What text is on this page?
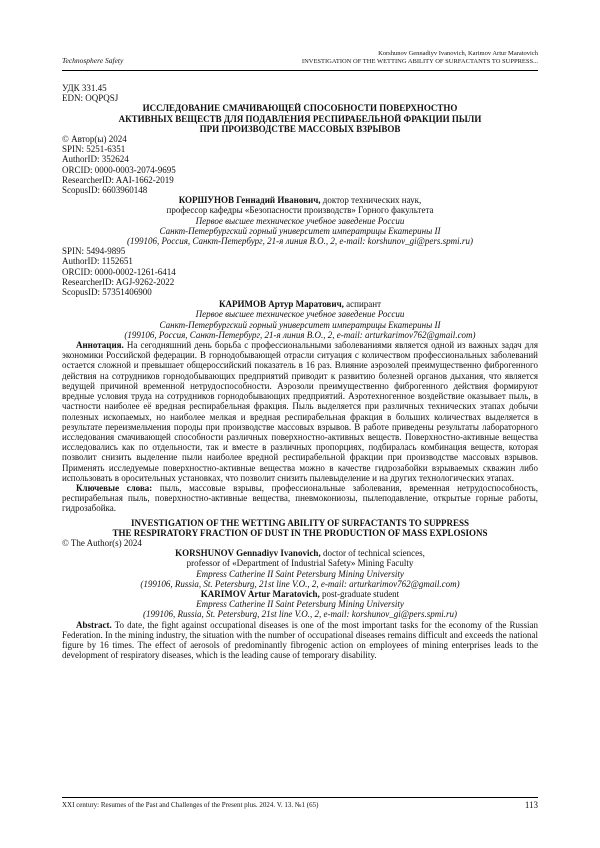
Technosphere Safety
Korshunov Gennadiyv Ivanovich, Karimov Artur Maratovich
INVESTIGATION OF THE WETTING ABILITY OF SURFACTANTS TO SUPPRESS...
УДК 331.45
EDN: OQPQSJ
ИССЛЕДОВАНИЕ СМАЧИВАЮЩЕЙ СПОСОБНОСТИ ПОВЕРХНОСТНО
АКТИВНЫХ ВЕЩЕСТВ ДЛЯ ПОДАВЛЕНИЯ РЕСПИРАБЕЛЬНОЙ ФРАКЦИИ ПЫЛИ
ПРИ ПРОИЗВОДСТВЕ МАССОВЫХ ВЗРЫВОВ
© Автор(ы) 2024
SPIN: 5251-6351
AuthorID: 352624
ORCID: 0000-0003-2074-9695
ResearcherID: AAI-1662-2019
ScopusID: 6603960148
КОРШУНОВ Геннадий Иванович, доктор технических наук,
профессор кафедры «Безопасности производств» Горного факультета
Первое высшее техническое учебное заведение России
Санкт-Петербургский горный университет императрицы Екатерины II
(199106, Россия, Санкт-Петербург, 21-я линия В.О., 2, e-mail: korshunov_gi@pers.spmi.ru)
SPIN: 5494-9895
AuthorID: 1152651
ORCID: 0000-0002-1261-6414
ResearcherID: AGJ-9262-2022
ScopusID: 57351406900
КАРИМОВ Артур Маратович, аспирант
Первое высшее техническое учебное заведение России
Санкт-Петербургский горный университет императрицы Екатерины II
(199106, Россия, Санкт-Петербург, 21-я линия В.О., 2, e-mail: arturkarimov762@gmail.com)
Аннотация. На сегодняшний день борьба с профессиональными заболеваниями является одной из важных задач для экономики Российской федерации. В горнодобывающей отрасли ситуация с количеством профессиональных заболеваний остается сложной и превышает общероссийский показатель в 16 раз. Влияние аэрозолей преимущественно фиброгенного действия на сотрудников горнодобывающих предприятий приводит к развитию болезней органов дыхания, что является ведущей причиной временной нетрудоспособности. Аэрозоли преимущественно фиброгенного действия формируют вредные условия труда на сотрудников горнодобывающих предприятий. Аэротехногенное воздействие оказывает пыль, в частности наиболее её вредная респирабельная фракция. Пыль выделяется при различных технических этапах добычи полезных ископаемых, но наиболее мелкая и вредная респирабельная фракция в больших количествах выделяется в результате переизмельчения породы при производстве массовых взрывов. В работе приведены результаты лабораторного исследования смачивающей способности различных поверхностно-активных веществ. Поверхностно-активные вещества исследовались как по отдельности, так и вместе в различных пропорциях, подбиралась комбинация веществ, которая позволит снизить выделение пыли наиболее вредной респирабельной фракции при производстве массовых взрывов. Применять исследуемые поверхностно-активные вещества можно в качестве гидрозабойки взрываемых скважин либо использовать в оросительных установках, что позволит снизить пылевыделение и на других технологических этапах.
Ключевые слова: пыль, массовые взрывы, профессиональные заболевания, временная нетрудоспособность, респирабельная пыль, поверхностно-активные вещества, пневмокониозы, пылеподавление, открытые горные работы, гидрозабойка.
INVESTIGATION OF THE WETTING ABILITY OF SURFACTANTS TO SUPPRESS
THE RESPIRATORY FRACTION OF DUST IN THE PRODUCTION OF MASS EXPLOSIONS
© The Author(s) 2024
KORSHUNOV Gennadiyv Ivanovich, doctor of technical sciences,
professor of «Department of Industrial Safety» Mining Faculty
Empress Catherine II Saint Petersburg Mining University
(199106, Russia, St. Petersburg, 21st line V.O., 2, e-mail: arturkarimov762@gmail.com)
KARIMOV Artur Maratovich, post-graduate student
Empress Catherine II Saint Petersburg Mining University
(199106, Russia, St. Petersburg, 21st line V.O., 2, e-mail: korshunov_gi@pers.spmi.ru)
Abstract. To date, the fight against occupational diseases is one of the most important tasks for the economy of the Russian Federation. In the mining industry, the situation with the number of occupational diseases remains difficult and exceeds the national figure by 16 times. The effect of aerosols of predominantly fibrogenic action on employees of mining enterprises leads to the development of respiratory diseases, which is the leading cause of temporary disability.
XXI century: Resumes of the Past and Challenges of the Present plus. 2024. V. 13. №1 (65)	113
